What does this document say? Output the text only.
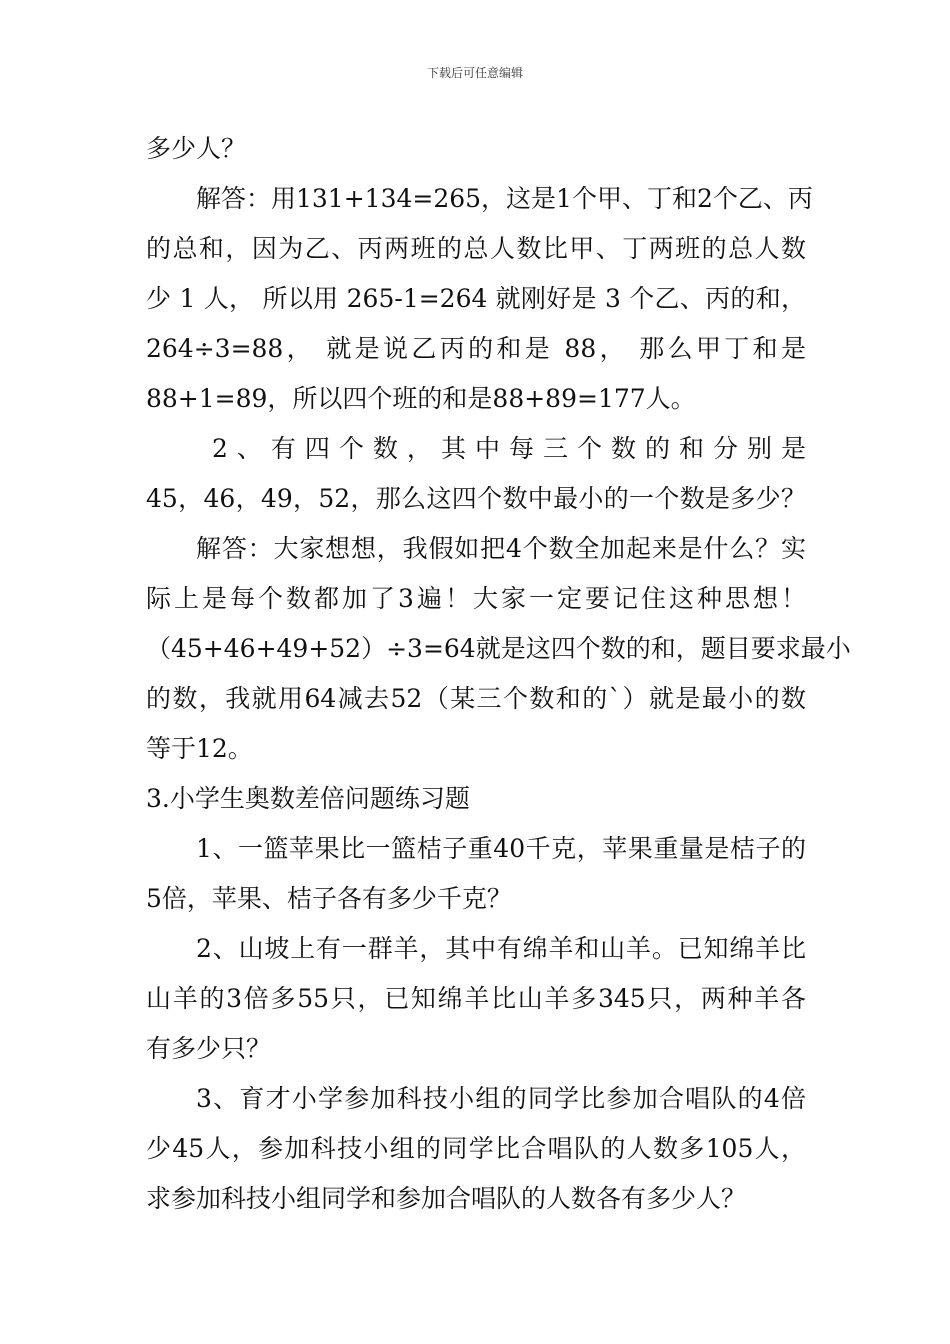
下载后可任意编辑
多少人？
解答：用131+134=265，这是1个甲、丁和2个乙、丙
的总和，因为乙、丙两班的总人数比甲、丁两班的总人数
少 1 人， 所以用 265-1=264 就刚好是 3 个乙、丙的和，
264÷3=88， 就是说乙丙的和是 88， 那么甲丁和是
88+1=89，所以四个班的和是88+89=177人。
2、有四个数，其中每三个数的和分别是
45，46，49，52，那么这四个数中最小的一个数是多少？
解答：大家想想，我假如把4个数全加起来是什么？实
际上是每个数都加了3遍！大家一定要记住这种思想！
（45+46+49+52）÷3=64就是这四个数的和，题目要求最小
的数，我就用64减去52（某三个数和的`）就是最小的数
等于12。
3.小学生奥数差倍问题练习题
1、一篮苹果比一篮桔子重40千克，苹果重量是桔子的
5倍，苹果、桔子各有多少千克？
2、山坡上有一群羊，其中有绵羊和山羊。已知绵羊比
山羊的3倍多55只，已知绵羊比山羊多345只，两种羊各
有多少只？
3、育才小学参加科技小组的同学比参加合唱队的4倍
少45人，参加科技小组的同学比合唱队的人数多105人，
求参加科技小组同学和参加合唱队的人数各有多少人？
